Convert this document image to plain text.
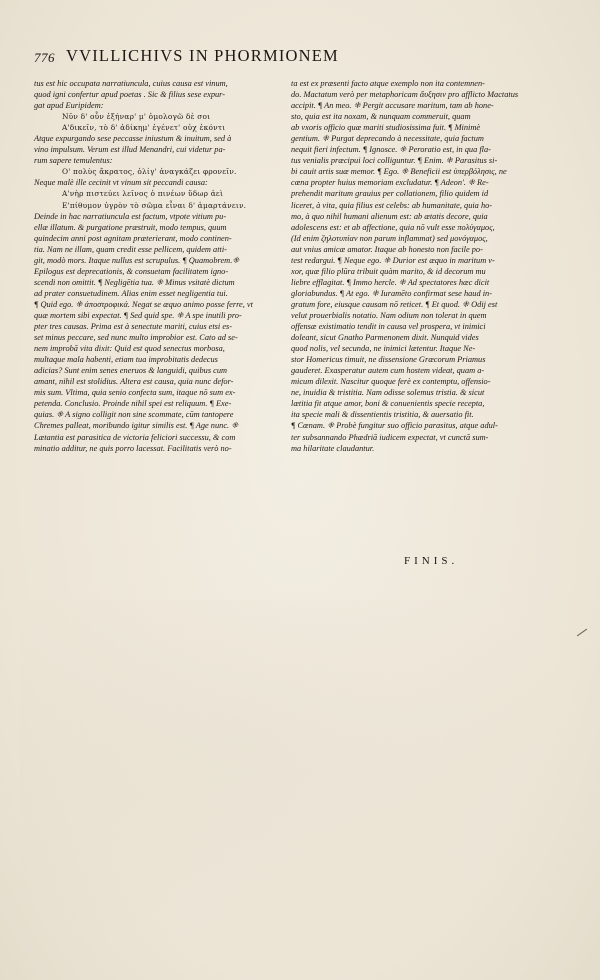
776 VVILLICHIVS IN PHORMIONEM

tus est hic occupata narratiuncula, cuius causa est vinum,

quod igni confertur apud poetas . Sic & filius sese expur-

gat apud Euripidem:

Νῦν δ' οὖν ἐξήναρ' μ' ὁμολογῶ δὲ σοι
Α'δικεῖν, τὸ δ' ἀδίκημ' ἐγένετ' οὐχ ἑκόντι

Atque expurgando sese peccasse iniustum & inuitum, sed à

vino impulsum. Verum est illud Menandri, cui videtur pa-

rum sapere temulentus:

Ο' πολὺς ἄκρατος, ὀλίγ' ἀναγκάζει φρονεῖν.

Neque malè ille cecinit vt vinum sit peccandi causa:

Α'νὴρ πιστεύει λεῖνος ὁ πινέων ὕδωρ ἀεὶ
Ε'πίθυμον ὑγρὸν τὸ σῶμα εἶναι δ' ἁμαρτάνειν.

Deinde in hac narratiuncula est factum, vtpote vitium pu-

ellæ illatum. & purgatione præstruit, modo tempus, quum

quindecim anni post agnitam præterierant, modo continen-

tia. Nam ne illam, quam credit esse pellicem, quidem atti-

git, modò mors. Itaque nullus est scrupulus. ¶ Quamobrem.⁜

Epilogus est deprecationis, & consuetam facilitatem igno-

scendi non omittit. ¶ Negligētia tua. ⁜ Minus vsitatè dictum

ad prater consuetudinem. Alias enim esset negligentia tui.

¶ Quid ego. ⁜ ἀποστροφικά. Negat se æquo animo posse ferre, vt

quæ mortem sibi expectat. ¶ Sed quid spe. ⁜ A spe inutili pro-

pter tres causas. Prima est à senectute mariti, cuius etsi es-

set minus peccare, sed nunc multo improbior est. Cato ad se-

nem improbā vita dixit: Quid est quod senectus morbosa,

multaque mala habenti, etiam tua improbitatis dedecus

adicias? Sunt enim senes eneruos & languidi, quibus cum

amant, nihil est stolidius. Altera est causa, quia nunc defor-

mis sum. Vltima, quia senio confecta sum, itaque nō sum ex-

petenda. Conclusio. Proinde nihil spei est reliquum. ¶ Exe-

quias. ⁜ A signo colligit non sine scommate, cūm tantopere

Chremes palleat, moribundo igitur similis est. ¶ Age nunc. ⁜

Lætantia est parasitica de victoria feliciori successu, & com

minatio additur, ne quis porro lacessat. Facilitatis verò no-

ta est ex præsenti facto atque exemplo non ita contemnen-

do. Mactatum verò per metaphoricam ἄυξησιν pro afflicto Mactatus

accipit. ¶ An meo. ⁜ Pergit accusare maritum, tam ab hone-

sto, quia est ita noxam, & nunquam commeruit, quam

ab vxoris officio quæ mariti studiosissima fuit. ¶ Minimè

gentium. ⁜ Purgat deprecando à necessitate, quia factum

nequit fieri infectum. ¶ Ignosce. ⁜ Peroratio est, in qua fla-

tus venialis præcipui loci colliguntur. ¶ Enim. ⁜ Parasitus si-

bi cauit artis suæ memor. ¶ Ego. ⁜ Beneficii est ὑπερβόλησις, ne

cœna propter huius memoriam excludatur. ¶ Adeon'. ⁜ Re-

prehendit maritum grauius per collationem, filio quidem id

liceret, à vita, quia filius est celebs: ab humanitate, quia ho-

mo, à quo nihil humani alienum est: ab ætatis decore, quia

adolescens est: et ab affectione, quia nō vult esse πολύγαμος,

(Id enim ζηλοτυπίαν non parum inflammat) sed μονόγαμος,

aut vnius amicæ amator. Itaque ab honesto non facile po-

test redargui. ¶ Neque ego. ⁜ Durior est æquo in maritum v-

xor, quæ filio plūra tribuit quàm marito, & id decorum mu

liebre efflagitat. ¶ Immo hercle. ⁜ Ad spectatores hæc dicit

gloriabundus. ¶ At ego. ⁜ Iuramēto confirmat sese haud in-

gratum fore, eiusque causam nō reticet. ¶ Et quod. ⁜ Odij est

velut prouerbialis notatio. Nam odium non tolerat in quem

offensæ existimatio tendit in causa vel prospera, vt inimici

doleant, sicut Gnatho Parmenonem dixit. Nunquid vides

quod nolis, vel secunda, ne inimici lætentur. Itaque Ne-

stor Homericus timuit, ne dissensione Græcorum Priamus

gauderet. Exasperatur autem cum hostem videat, quam a-

micum dilexit. Nascitur quoque ferè ex contemptu, offensio-

ne, inuidia & tristitia. Nam odisse solemus tristia. & sicut

lætitia fit atque amor, boni & conuenientis specie recepta,

ita specie mali & dissentientis tristitia, & auersatio fit.

¶ Cœnam. ⁜ Probè fungitur suo officio parasitus, atque adul-

ter subsannando Phædriā iudicem expectat, vt cunctā sum-

ma hilaritate claudantur.

FINIS.
